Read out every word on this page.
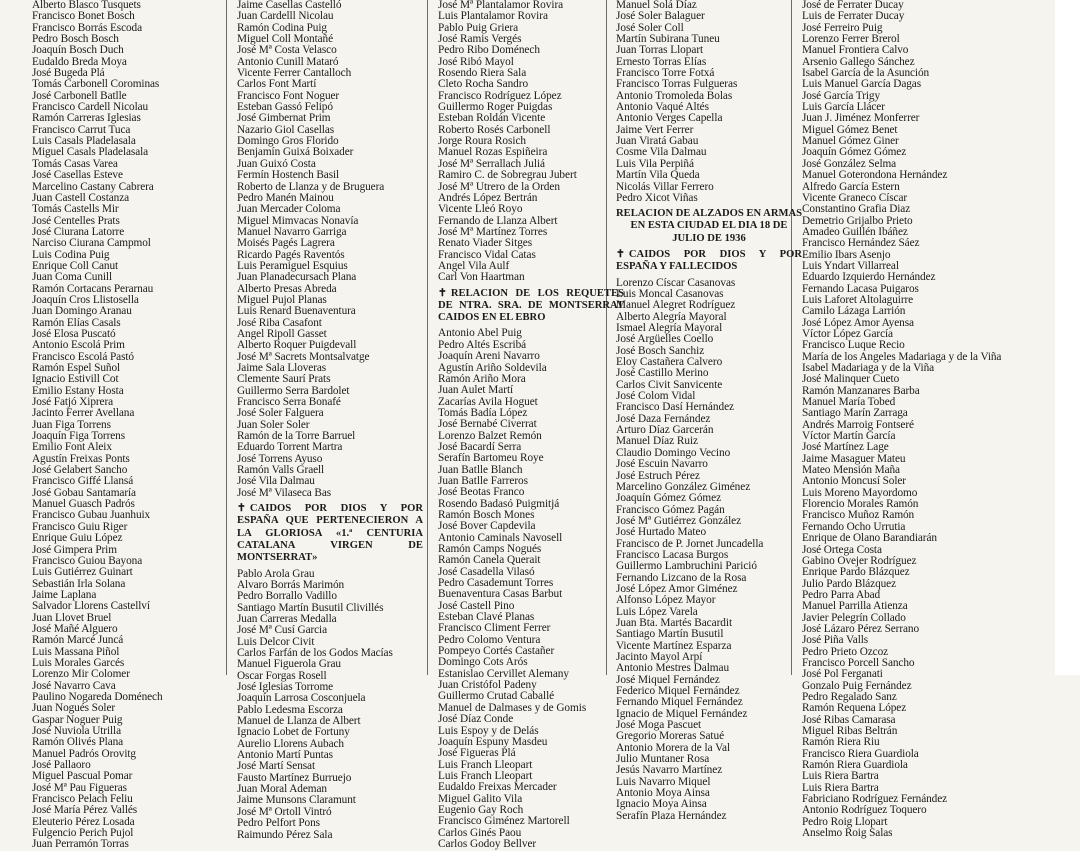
Alberto Blasco Tusquets
Francisco Bonet Bosch
Francisco Borrás Escoda
Pedro Bosch Bosch
Joaquín Bosch Duch
Eudaldo Breda Moya
José Bugeda Plá
Tomás Carbonell Corominas
José Carbonell Batlle
Francisco Cardell Nicolau
Ramón Carreras Iglesias
Francisco Carrut Tuca
Luis Casals Pladelasala
Miguel Casals Pladelasala
Tomás Casas Varea
José Casellas Esteve
Marcelino Castany Cabrera
Juan Castell Costanza
Tomás Castells Mir
José Centelles Prats
José Ciurana Latorre
Narciso Ciurana Campmol
Luis Codina Puig
Enrique Coll Canut
Juan Coma Cunill
Ramón Cortacans Perarnau
Joaquín Cros Llistosella
Juan Domingo Aranau
Ramón Elías Casals
José Elosa Puscató
Antonio Escolá Prim
Francisco Escolá Pastó
Ramón Espel Suñol
Ignacio Estivill Cot
Emilio Estany Hosta
José Fatjó Xiprera
Jacinto Ferrer Avellana
Juan Figa Torrens
Joaquín Figa Torrens
Emilio Font Aleix
Agustín Freixas Ponts
José Gelabert Sancho
Francisco Giffé Llansá
José Gobau Santamaría
Manuel Guasch Padrós
Francisco Gubau Juanhuix
Francisco Guiu Riger
Enrique Guiu López
José Gimpera Prim
Francisco Guiou Bayona
Luis Gutiérrez Guinart
Sebastián Irla Solana
Jaime Laplana
Salvador Llorens Castellví
Juan Llovet Bruel
José Mañé Alguero
Ramón Marcé Juncá
Luis Massana Piñol
Luis Morales Garcés
Lorenzo Mir Colomer
José Navarro Cava
Paulino Nogareda Doménech
Juan Nogués Soler
Gaspar Noguer Puig
José Nuviola Utrilla
Ramón Olivés Plana
Manuel Padrós Orovitg
José Pallaoro
Miguel Pascual Pomar
José Mª Pau Figueras
Francisco Pelach Feliu
José María Pérez Vallés
Eleuterio Pérez Losada
Fulgencio Perich Pujol
Juan Perramón Torras
Jaime Casellas Castelló
Juan Cardelll Nicolau
Ramón Codina Puig
Miguel Coll Montañé
José Mª Costa Velasco
Antonio Cunill Mataró
Vicente Ferrer Cantalloch
Carlos Font Martí
Francisco Font Noguer
Esteban Gassó Felipó
José Gimbernat Prim
Nazario Giol Casellas
Domingo Gros Florido
Benjamín Guixá Boixader
Juan Guixó Costa
Fermín Hostench Basil
Roberto de Llanza y de Bruguera
Pedro Manén Mainou
Juan Mercader Coloma
Miguel Mimvacas Nonavía
Manuel Navarro Garriga
Moisés Pagés Lagrera
Ricardo Pagés Raventós
Luis Peramiguel Esquius
Juan Planadecursach Plana
Alberto Presas Abreda
Miguel Pujol Planas
Luis Renard Buenaventura
José Riba Casafont
Angel Ripoll Gasset
Alberto Roquer Puigdevall
José Mª Sacrets Montsalvatge
Jaime Sala Lloveras
Clemente Saurí Prats
Guillermo Serra Bardolet
Francisco Serra Bonafé
José Soler Falguera
Juan Soler Soler
Ramón de la Torre Barruel
Eduardo Torrent Martra
José Torrens Ayuso
Ramón Valls Graell
José Vila Dalmau
José Mª Vilaseca Bas
✝ CAIDOS POR DIOS Y POR ESPAÑA QUE PERTENECIERON A LA GLORIOSA «1.ª CENTURIA CATALANA VIRGEN DE MONTSERRAT»
Pablo Arola Grau
Alvaro Borrás Marimón
Pedro Borrallo Vadillo
Santiago Martín Busutil Clivillés
Juan Carreras Medalla
José Mª Cusí Garcia
Luis Delcor Civit
Carlos Farfán de los Godos Macías
Manuel Figuerola Grau
Oscar Forgas Rosell
José Iglesias Torrome
Joaquín Larrosa Cosconjuela
Pablo Ledesma Escorza
Manuel de Llanza de Albert
Ignacio Lobet de Fortuny
Aurelio Llorens Aubach
Antonio Martí Puntas
José Martí Sensat
Fausto Martínez Burruejo
Juan Moral Ademan
Jaime Munsons Claramunt
José Mª Ortoll Vintró
Pedro Pelfort Pons
Raimundo Pérez Sala
José Mª Plantalamor Rovira
Luis Plantalamor Rovira
Pablo Puig Griera
José Ramis Vergés
Pedro Ribo Doménech
José Ribó Mayol
Rosendo Riera Sala
Cleto Rocha Sandro
Francisco Rodríguez López
Guillermo Roger Puigdas
Esteban Roldán Vicente
Roberto Rosés Carbonell
Jorge Roura Rosich
Manuel Rozas Espiñeira
José Mª Serrallach Juliá
Ramiro C. de Sobregrau Jubert
José Mª Utrero de la Orden
Andrés López Bertrán
Vicente Lleó Royo
Fernando de Llanza Albert
José Mª Martínez Torres
Renato Viader Sitges
Francisco Vidal Catas
Angel Vila Aulf
Carl Von Haartman
✝ RELACION DE LOS REQUETES DE NTRA. SRA. DE MONTSERRAT CAIDOS EN EL EBRO
Antonio Abel Puig
Pedro Altés Escribá
Joaquín Areni Navarro
Agustín Ariño Soldevila
Ramón Ariño Mora
Juan Aulet Martí
Zacarías Avila Hoguet
Tomás Badía López
José Bernabé Civerrat
Lorenzo Balzet Remón
José Bacardí Serra
Serafín Bartomeu Roye
Juan Batlle Blanch
Juan Batlle Farreros
José Beotas Franco
Rosendo Badasó Puigmitjá
Ramón Bosch Mones
José Bover Capdevila
Antonio Caminals Navosell
Ramón Camps Nogués
Ramón Canela Querait
José Casadella Vilasó
Pedro Casademunt Torres
Buenaventura Casas Barbut
José Castell Pino
Esteban Clavé Planas
Francisco Climent Ferrer
Pedro Colomo Ventura
Pompeyo Cortés Castañer
Domingo Cots Arós
Estanislao Cervillet Alemany
Juan Cristófol Padeny
Guillermo Crutad Caballé
Manuel de Dalmases y de Gomis
José Díaz Conde
Luis Espoy y de Delás
Joaquín Espuny Masdeu
José Figueras Plá
Luis Franch Lleopart
Luis Franch Lleopart
Eudaldo Freixas Mercader
Miguel Galito Vila
Eugenio Gay Roch
Francisco Giménez Martorell
Carlos Ginés Paou
Carlos Godoy Bellver
Manuel Solá Díaz
José Soler Balaguer
José Soler Coll
Martín Subirana Tuneu
Juan Torras Llopart
Ernesto Torras Elías
Francisco Torre Fotxá
Francisco Torras Fulgueras
Antonio Tromoleda Bolas
Antonio Vaqué Altés
Antonio Verges Capella
Jaime Vert Ferrer
Juan Viratá Gabau
Cosme Vila Dalmau
Luis Vila Perpiñá
Martín Vila Queda
Nicolás Villar Ferrero
Pedro Xicot Viñas
RELACION DE ALZADOS EN ARMAS EN ESTA CIUDAD EL DIA 18 DE JULIO DE 1936
✝ CAIDOS POR DIOS Y POR ESPAÑA Y FALLECIDOS
Lorenzo Císcar Casanovas
Luis Moncal Casanovas
Manuel Alegret Rodríguez
Alberto Alegría Mayoral
Ismael Alegría Mayoral
José Argüelles Coello
José Bosch Sanchiz
Eloy Castañera Calvero
José Castillo Merino
Carlos Civit Sanvicente
José Colom Vidal
Francisco Dasí Hernández
José Daza Fernández
Arturo Díaz Garcerán
Manuel Díaz Ruiz
Claudio Domingo Vecino
José Escuin Navarro
José Estruch Pérez
Marcelino González Giménez
Joaquín Gómez Gómez
Francisco Gómez Pagán
José Mª Gutiérrez González
José Hurtado Mateo
Francisco de P. Jornet Juncadella
Francisco Lacasa Burgos
Guillermo Lambruchini Parició
Fernando Lizcano de la Rosa
José López Amor Giménez
Alfonso López Mayor
Luis López Varela
Juan Bta. Martés Bacardit
Santiago Martín Busutil
Vicente Martínez Esparza
Jacinto Mayol Arpí
Antonio Mestres Dalmau
José Miquel Fernández
Federico Miquel Fernández
Fernando Miquel Fernández
Ignacio de Miquel Fernández
José Moga Pascuet
Gregorio Moreras Satué
Antonio Morera de la Val
Julio Muntaner Rosa
Jesús Navarro Martínez
Luis Navarro Miquel
Antonio Moya Ainsa
Ignacio Moya Ainsa
Serafín Plaza Hernández
José de Ferrater Ducay
Luis de Ferrater Ducay
José Ferreiro Puig
Lorenzo Ferrer Brerol
Manuel Frontiera Calvo
Arsenio Gallego Sánchez
Isabel García de la Asunción
Luis Manuel García Dagas
José García Trigy
Luis García Llácer
Juan J. Jiménez Monferrer
Miguel Gómez Benet
Manuel Gómez Giner
Joaquín Gómez Gómez
José González Selma
Manuel Goterondona Hernández
Alfredo García Estern
Vicente Graneco Císcar
Constantino Grafia Diaz
Demetrio Grijalbo Prieto
Amadeo Guillén Ibáñez
Francisco Hernández Sáez
Emilio Ibars Asenjo
Luis Yndart Villarreal
Eduardo Izquierdo Hernández
Fernando Lacasa Puigaros
Luis Laforet Altolaguirre
Camilo Lázaga Larrión
José López Amor Ayensa
Víctor López García
Francisco Luque Recio
María de los Angeles Madariaga y de la Viña
Isabel Madariaga y de la Viña
José Malinquer Cueto
Ramón Manzanares Barba
Manuel María Tobed
Santiago Marín Zarraga
Andrés Marroig Fontseré
Víctor Martín García
José Martínez Lage
Jaime Masaguer Mateu
Mateo Mensión Maña
Antonio Moncusí Soler
Luis Moreno Mayordomo
Florencio Morales Ramón
Francisco Muñoz Ramón
Fernando Ocho Urrutia
Enrique de Olano Barandiarán
José Ortega Costa
Gabino Ovejer Rodríguez
Enrique Pardo Blázquez
Julio Pardo Blázquez
Pedro Parra Abad
Manuel Parrilla Atienza
Javier Pelegrín Collado
José Lázaro Pérez Serrano
José Piña Valls
Pedro Prieto Ozcoz
Francisco Porcell Sancho
José Pol Ferganati
Gonzalo Puig Fernández
Pedro Regalado Sanz
Ramón Requena López
José Ribas Camarasa
Miguel Ribas Beltrán
Ramón Riera Riu
Francisco Riera Guardiola
Ramón Riera Guardiola
Luis Riera Bartra
Luis Riera Bartra
Fabriciano Rodríguez Fernández
Antonio Rodríguez Toquero
Pedro Roig Llopart
Anselmo Roig Salas
